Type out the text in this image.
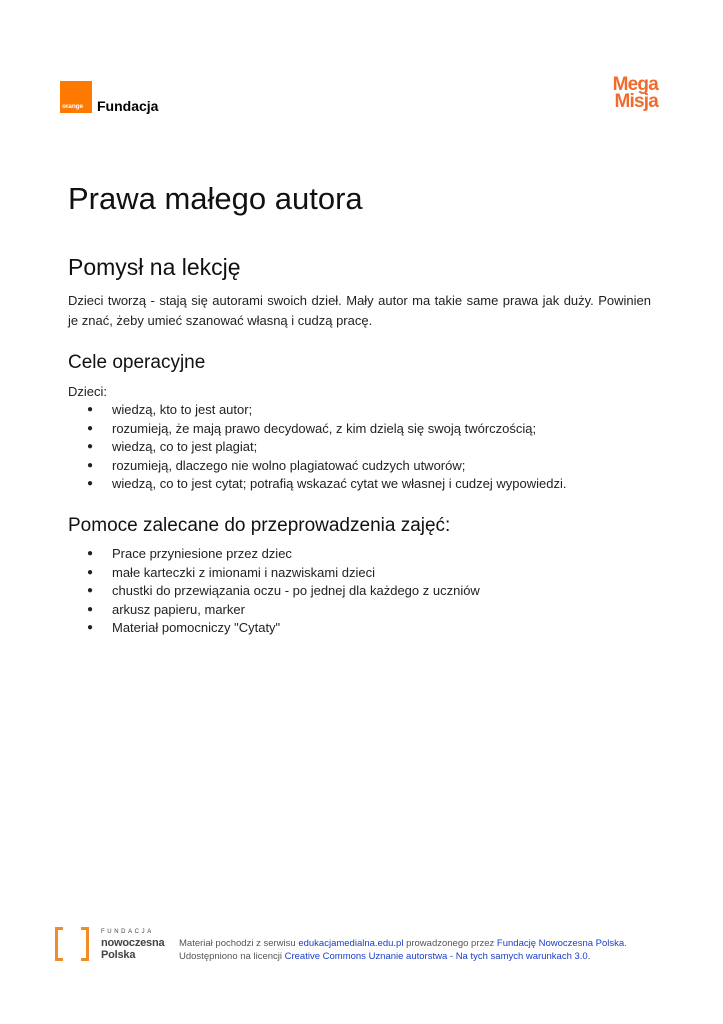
orange Fundacja
Mega
Misja
Prawa małego autora
Pomysł na lekcję
Dzieci tworzą - stają się autorami swoich dzieł. Mały autor ma takie same prawa jak duży. Powinien je znać, żeby umieć szanować własną i cudzą pracę.
Cele operacyjne
Dzieci:
● wiedzą, kto to jest autor;
● rozumieją, że mają prawo decydować, z kim dzielą się swoją twórczością;
● wiedzą, co to jest plagiat;
● rozumieją, dlaczego nie wolno plagiatować cudzych utworów;
● wiedzą, co to jest cytat; potrafią wskazać cytat we własnej i cudzej wypowiedzi.
Pomoce zalecane do przeprowadzenia zajęć:
● Prace przyniesione przez dziec
● małe karteczki z imionami i nazwiskami dzieci
● chustki do przewiązania oczu - po jednej dla każdego z uczniów
● arkusz papieru, marker
● Materiał pomocniczy "Cytaty"
FUNDACJA
nowoczesna
Polska
Materiał pochodzi z serwisu edukacjamedialna.edu.pl prowadzonego przez Fundację Nowoczesna Polska.
Udostępniono na licencji Creative Commons Uznanie autorstwa - Na tych samych warunkach 3.0.
